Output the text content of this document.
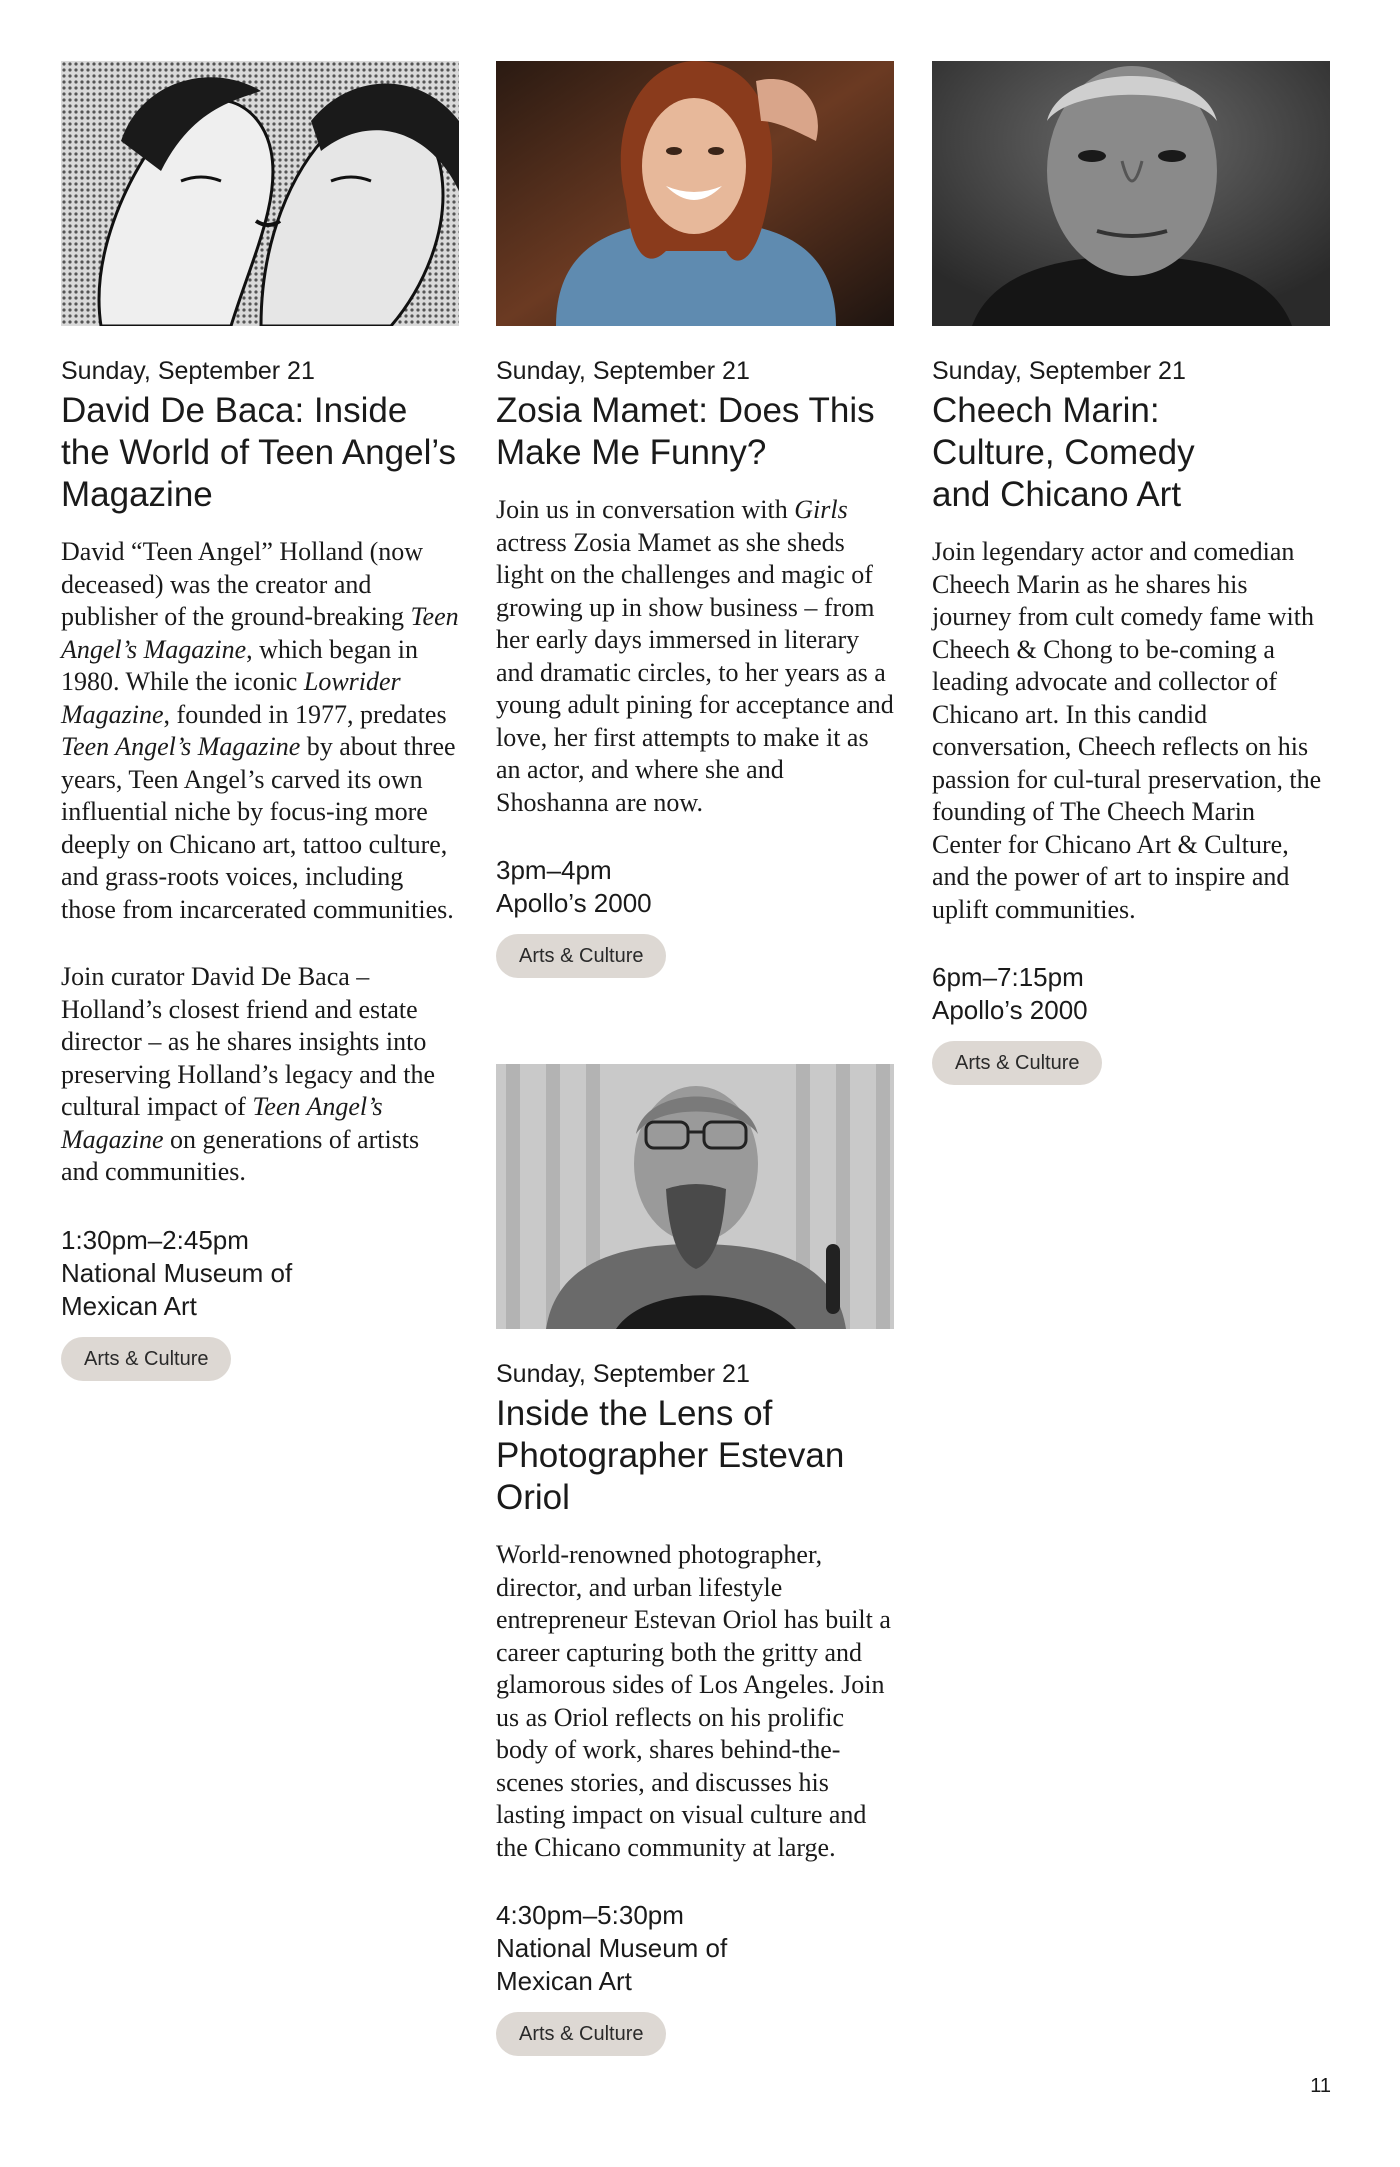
Sunday, September 21
David De Baca: Inside the World of Teen Angel’s Magazine

David “Teen Angel” Holland (now deceased) was the creator and publisher of the ground-breaking Teen Angel’s Magazine, which began in 1980. While the iconic Lowrider Magazine, founded in 1977, predates Teen Angel’s Magazine by about three years, Teen Angel’s carved its own influential niche by focus-ing more deeply on Chicano art, tattoo culture, and grass-roots voices, including those from incarcerated communities.

Join curator David De Baca – Holland’s closest friend and estate director – as he shares insights into preserving Holland’s legacy and the cultural impact of Teen Angel’s Magazine on generations of artists and communities.

1:30pm–2:45pm
National Museum of Mexican Art
Arts & Culture
Sunday, September 21
Zosia Mamet: Does This Make Me Funny?

Join us in conversation with Girls actress Zosia Mamet as she sheds light on the challenges and magic of growing up in show business – from her early days immersed in literary and dramatic circles, to her years as a young adult pining for acceptance and love, her first attempts to make it as an actor, and where she and Shoshanna are now.

3pm–4pm
Apollo’s 2000
Arts & Culture
Sunday, September 21
Inside the Lens of Photographer Estevan Oriol

World-renowned photographer, director, and urban lifestyle entrepreneur Estevan Oriol has built a career capturing both the gritty and glamorous sides of Los Angeles. Join us as Oriol reflects on his prolific body of work, shares behind-the-scenes stories, and discusses his lasting impact on visual culture and the Chicano community at large.

4:30pm–5:30pm
National Museum of Mexican Art
Arts & Culture
Sunday, September 21
Cheech Marin: Culture, Comedy and Chicano Art

Join legendary actor and comedian Cheech Marin as he shares his journey from cult comedy fame with Cheech & Chong to be-coming a leading advocate and collector of Chicano art. In this candid conversation, Cheech reflects on his passion for cul-tural preservation, the founding of The Cheech Marin Center for Chicano Art & Culture, and the power of art to inspire and uplift communities.

6pm–7:15pm
Apollo’s 2000
Arts & Culture
11
